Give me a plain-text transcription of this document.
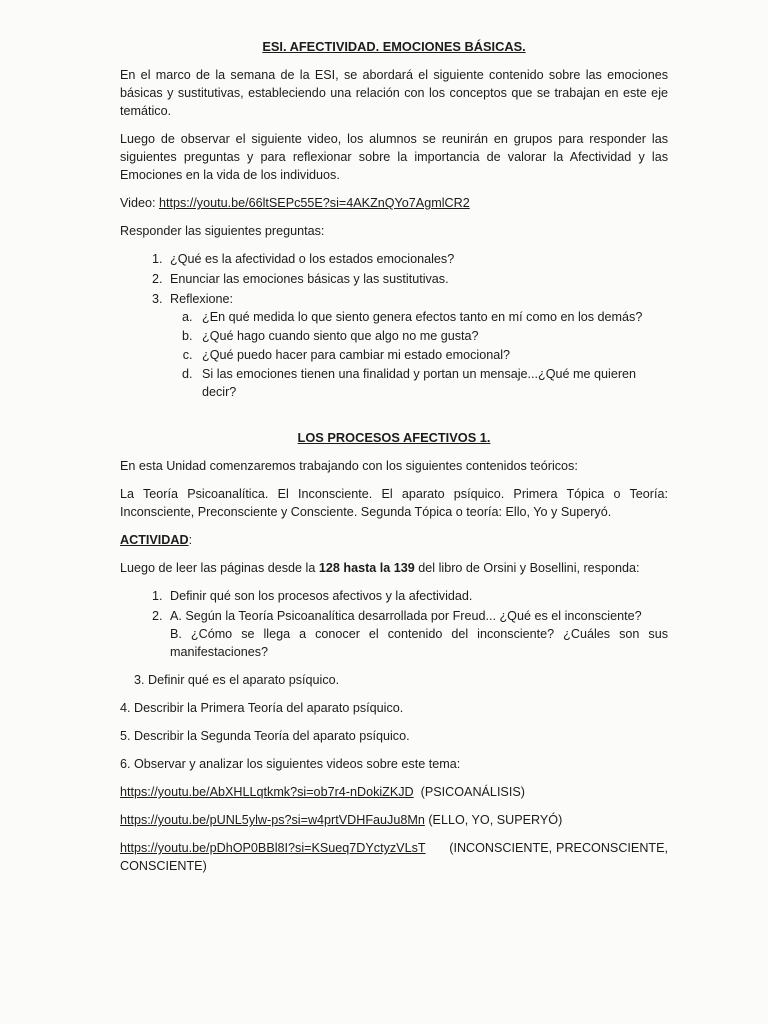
ESI. AFECTIVIDAD. EMOCIONES BÁSICAS.

En el marco de la semana de la ESI, se abordará el siguiente contenido sobre las emociones básicas y sustitutivas, estableciendo una relación con los conceptos que se trabajan en este eje temático.

Luego de observar el siguiente video, los alumnos se reunirán en grupos para responder las siguientes preguntas y para reflexionar sobre la importancia de valorar la Afectividad y las Emociones en la vida de los individuos.

Video: https://youtu.be/66ltSEPc55E?si=4AKZnQYo7AgmlCR2

Responder las siguientes preguntas:

1. ¿Qué es la afectividad o los estados emocionales?
2. Enunciar las emociones básicas y las sustitutivas.
3. Reflexione:
a. ¿En qué medida lo que siento genera efectos tanto en mí como en los demás?
b. ¿Qué hago cuando siento que algo no me gusta?
c. ¿Qué puedo hacer para cambiar mi estado emocional?
d. Si las emociones tienen una finalidad y portan un mensaje...¿Qué me quieren decir?
LOS PROCESOS AFECTIVOS 1.

En esta Unidad comenzaremos trabajando con los siguientes contenidos teóricos:

La Teoría Psicoanalítica. El Inconsciente. El aparato psíquico. Primera Tópica o Teoría: Inconsciente, Preconsciente y Consciente. Segunda Tópica o teoría: Ello, Yo y Superyó.

ACTIVIDAD:

Luego de leer las páginas desde la 128 hasta la 139 del libro de Orsini y Bosellini, responda:

1. Definir qué son los procesos afectivos y la afectividad.
2. A. Según la Teoría Psicoanalítica desarrollada por Freud... ¿Qué es el inconsciente?
B. ¿Cómo se llega a conocer el contenido del inconsciente? ¿Cuáles son sus manifestaciones?

3. Definir qué es el aparato psíquico.

4. Describir la Primera Teoría del aparato psíquico.

5. Describir la Segunda Teoría del aparato psíquico.

6. Observar y analizar los siguientes videos sobre este tema:

https://youtu.be/AbXHLLqtkmk?si=ob7r4-nDokiZKJD (PSICOANÁLISIS)

https://youtu.be/pUNL5ylw-ps?si=w4prtVDHFauJu8Mn (ELLO, YO, SUPERYÓ)

https://youtu.be/pDhOP0BBl8I?si=KSueq7DYctyzVLsT (INCONSCIENTE, PRECONSCIENTE, CONSCIENTE)
